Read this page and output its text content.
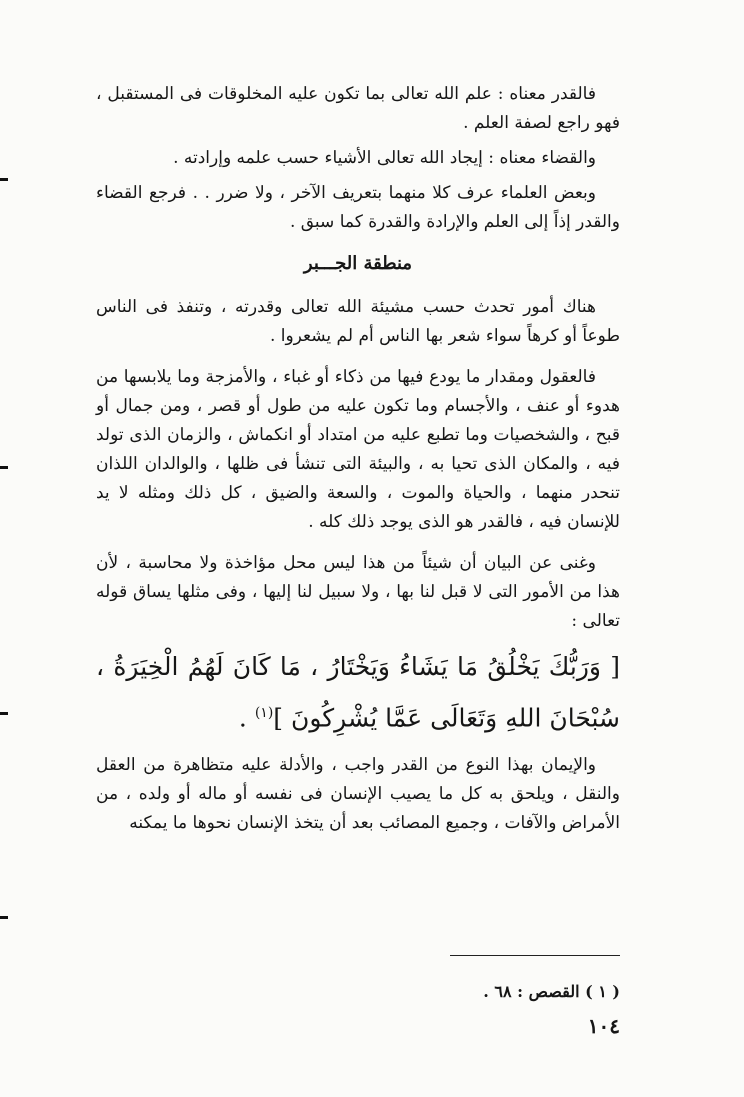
فالقدر معناه : علم الله تعالى بما تكون عليه المخلوقات فى المستقبل ، فهو راجع لصفة العلم .

والقضاء معناه : إيجاد الله تعالى الأشياء حسب علمه وإرادته .

وبعض العلماء عرف كلا منهما بتعريف الآخر ، ولا ضرر . . فرجع القضاء والقدر إذاً إلى العلم والإرادة والقدرة كما سبق .

منطقة الجـــبر

هناك أمور تحدث حسب مشيئة الله تعالى وقدرته ، وتنفذ فى الناس طوعاً أو كرهاً سواء شعر بها الناس أم لم يشعروا .

فالعقول ومقدار ما يودع فيها من ذكاء أو غباء ، والأمزجة وما يلابسها من هدوء أو عنف ، والأجسام وما تكون عليه من طول أو قصر ، ومن جمال أو قبح ، والشخصيات وما تطبع عليه من امتداد أو انكماش ، والزمان الذى تولد فيه ، والمكان الذى تحيا به ، والبيئة التى تنشأ فى ظلها ، والوالدان اللذان تنحدر منهما ، والحياة والموت ، والسعة والضيق ، كل ذلك ومثله لا يد للإنسان فيه ، فالقدر هو الذى يوجد ذلك كله .

وغنى عن البيان أن شيئاً من هذا ليس محل مؤاخذة ولا محاسبة ، لأن هذا من الأمور التى لا قبل لنا بها ، ولا سبيل لنا إليها ، وفى مثلها يساق قوله تعالى :

[ وَرَبُّكَ يَخْلُقُ مَا يَشَاءُ وَيَخْتَارُ ، مَا كَانَ لَهُمُ الْخِيَرَةُ ، سُبْحَانَ اللهِ وَتَعَالَى عَمَّا يُشْرِكُونَ ]$^{(١)}$ .

والإيمان بهذا النوع من القدر واجب ، والأدلة عليه متظاهرة من العقل والنقل ، ويلحق به كل ما يصيب الإنسان فى نفسه أو ماله أو ولده ، من الأمراض والآفات ، وجميع المصائب بعد أن يتخذ الإنسان نحوها ما يمكنه

( ١ ) القصص : ٦٨ .
١٠٤
